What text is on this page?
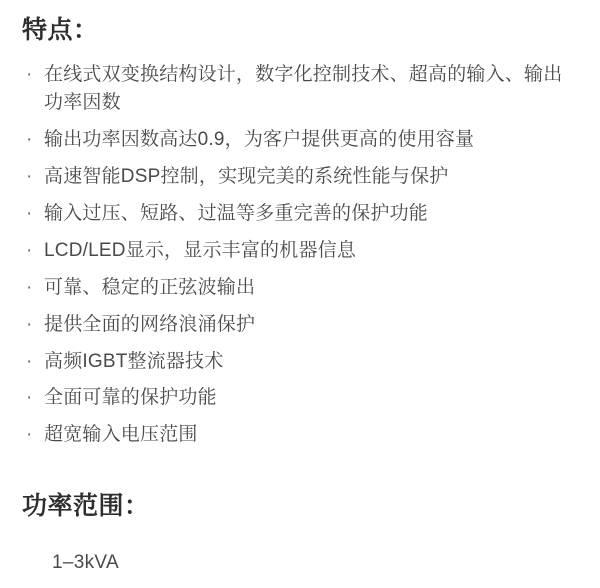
特点：
· 在线式双变换结构设计，数字化控制技术、超高的输入、输出功率因数
· 输出功率因数高达0.9，为客户提供更高的使用容量
· 高速智能DSP控制，实现完美的系统性能与保护
· 输入过压、短路、过温等多重完善的保护功能
· LCD/LED显示，显示丰富的机器信息
· 可靠、稳定的正弦波输出
· 提供全面的网络浪涌保护
· 高频IGBT整流器技术
· 全面可靠的保护功能
· 超宽输入电压范围
功率范围：
1–3kVA
